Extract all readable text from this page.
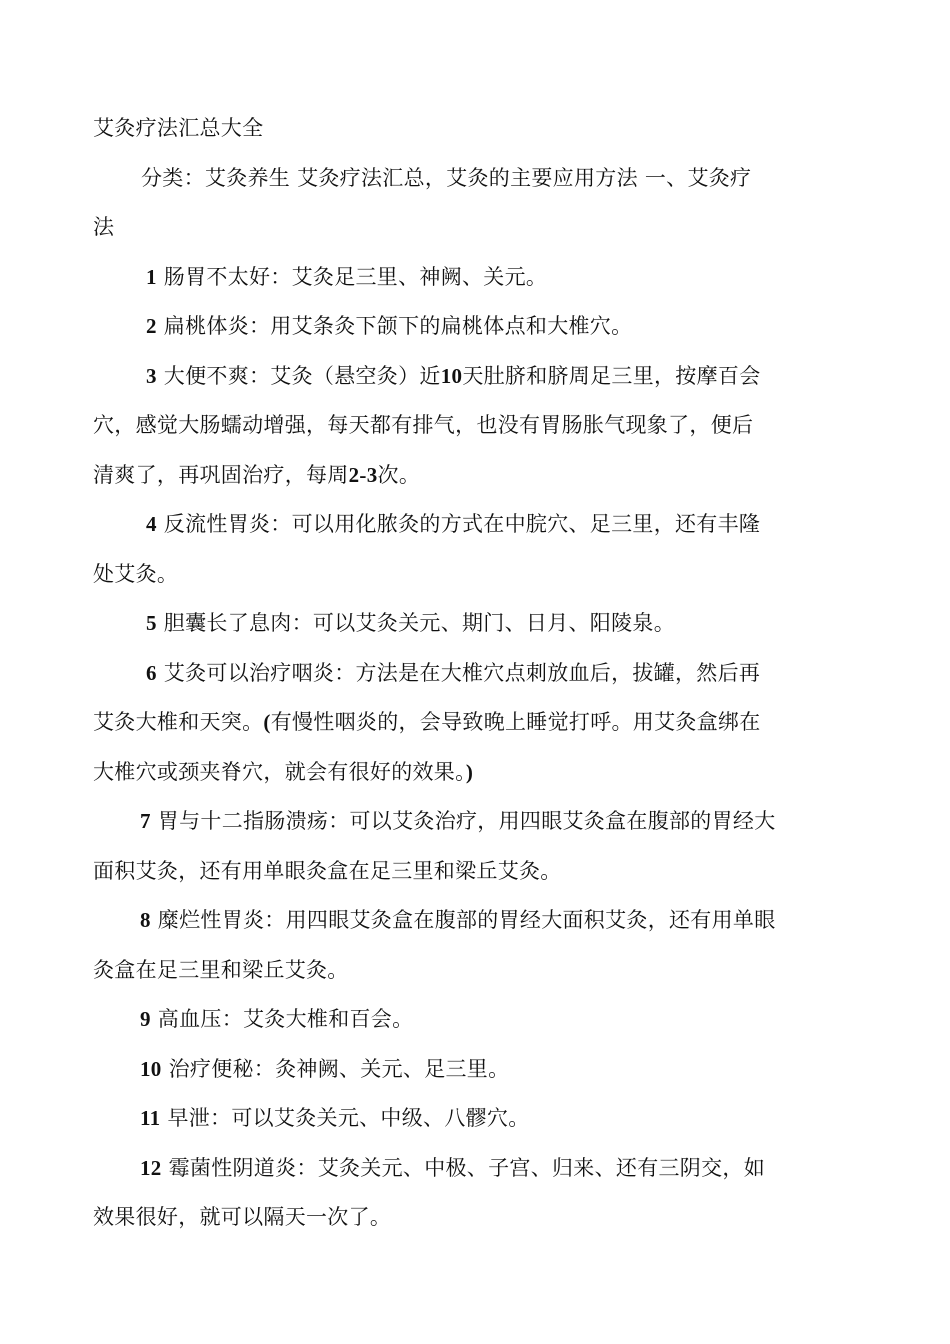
艾灸疗法汇总大全

分类：艾灸养生 艾灸疗法汇总，艾灸的主要应用方法 一、艾灸疗

法

1 肠胃不太好：艾灸足三里、神阙、关元。

2 扁桃体炎：用艾条灸下颌下的扁桃体点和大椎穴。

3 大便不爽：艾灸（悬空灸）近10天肚脐和脐周足三里，按摩百会

穴，感觉大肠蠕动增强，每天都有排气，也没有胃肠胀气现象了，便后

清爽了，再巩固治疗，每周2-3次。

4 反流性胃炎：可以用化脓灸的方式在中脘穴、足三里，还有丰隆

处艾灸。

5 胆囊长了息肉：可以艾灸关元、期门、日月、阳陵泉。

6 艾灸可以治疗咽炎：方法是在大椎穴点刺放血后，拔罐，然后再

艾灸大椎和天突。(有慢性咽炎的，会导致晚上睡觉打呼。用艾灸盒绑在

大椎穴或颈夹脊穴，就会有很好的效果。)

7 胃与十二指肠溃疡：可以艾灸治疗，用四眼艾灸盒在腹部的胃经大

面积艾灸，还有用单眼灸盒在足三里和梁丘艾灸。

8 糜烂性胃炎：用四眼艾灸盒在腹部的胃经大面积艾灸，还有用单眼

灸盒在足三里和梁丘艾灸。

9 高血压：艾灸大椎和百会。

10 治疗便秘：灸神阙、关元、足三里。

11 早泄：可以艾灸关元、中级、八髎穴。

12 霉菌性阴道炎：艾灸关元、中极、子宫、归来、还有三阴交，如

效果很好，就可以隔天一次了。
